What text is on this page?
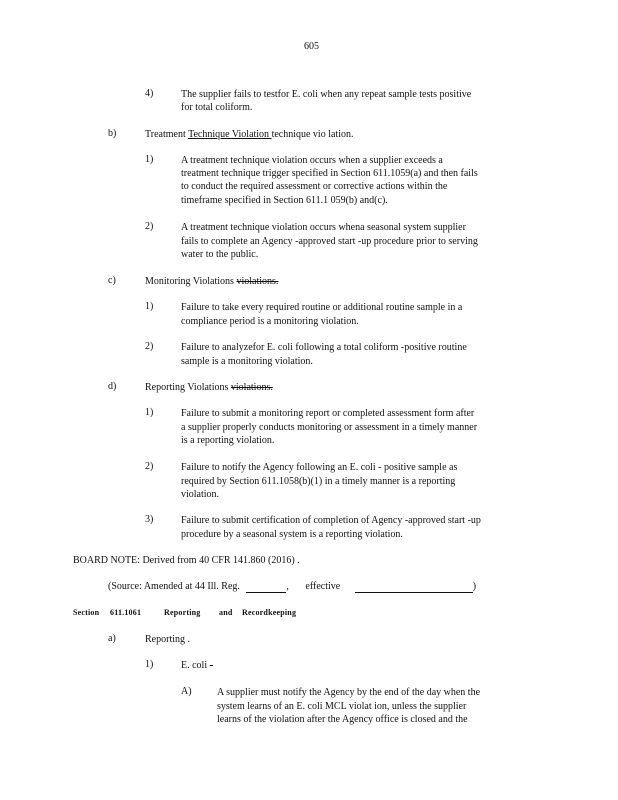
605
4)	The supplier fails to testfor E. coli when any repeat sample tests positive
for total coliform.
b)	Treatment Technique Violation technique vio lation.
1)	A treatment technique violation occurs when a supplier exceeds a
treatment technique trigger specified in Section 611.1059(a) and then fails
to conduct the required assessment or corrective actions within the
timeframe specified in Section 611.1 059(b) and(c).
2)	A treatment technique violation occurs whena seasonal system supplier
fails to complete an Agency -approved start -up procedure prior to serving
water to the public.
c)	Monitoring Violations violations.
1)	Failure to take every required routine or additional routine sample in a
compliance period is a monitoring violation.
2)	Failure to analyzefor E. coli following a total coliform -positive routine
sample is a monitoring violation.
d)	Reporting Violations violations.
1)	Failure to submit a monitoring report or completed assessment form after
a supplier properly conducts monitoring or assessment in a timely manner
is a reporting violation.
2)	Failure to notify the Agency following an E. coli - positive sample as
required by Section 611.1058(b)(1) in a timely manner is a reporting
violation.
3)	Failure to submit certification of completion of Agency -approved start -up
procedure by a seasonal system is a reporting violation.
BOARD NOTE: Derived from 40 CFR 141.860 (2016) .
(Source: Amended at 44 Ill. Reg.	, effective	)
Section 611.1061	Reporting and Recordkeeping
a)	Reporting .
1)	E. coli -
A)	A supplier must notify the Agency by the end of the day when the
system learns of an E. coli MCL violat ion, unless the supplier
learns of the violation after the Agency office is closed and the
